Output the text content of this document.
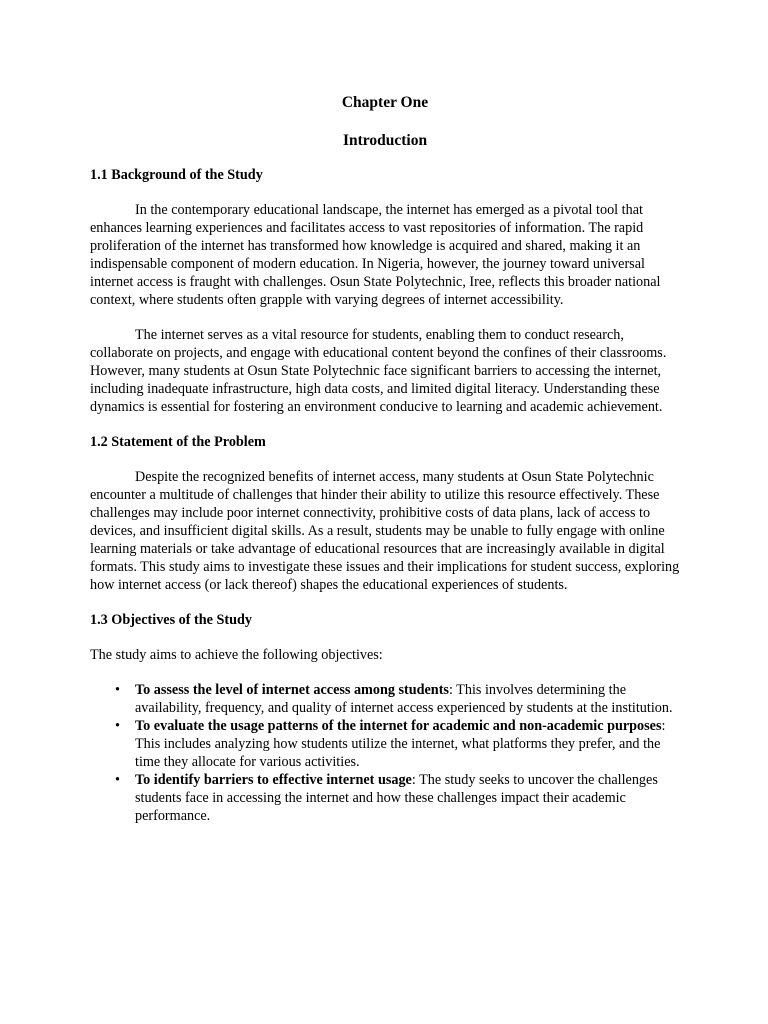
Chapter One
Introduction
1.1 Background of the Study

In the contemporary educational landscape, the internet has emerged as a pivotal tool that enhances learning experiences and facilitates access to vast repositories of information. The rapid proliferation of the internet has transformed how knowledge is acquired and shared, making it an indispensable component of modern education. In Nigeria, however, the journey toward universal internet access is fraught with challenges. Osun State Polytechnic, Iree, reflects this broader national context, where students often grapple with varying degrees of internet accessibility.

The internet serves as a vital resource for students, enabling them to conduct research, collaborate on projects, and engage with educational content beyond the confines of their classrooms. However, many students at Osun State Polytechnic face significant barriers to accessing the internet, including inadequate infrastructure, high data costs, and limited digital literacy. Understanding these dynamics is essential for fostering an environment conducive to learning and academic achievement.

1.2 Statement of the Problem

Despite the recognized benefits of internet access, many students at Osun State Polytechnic encounter a multitude of challenges that hinder their ability to utilize this resource effectively. These challenges may include poor internet connectivity, prohibitive costs of data plans, lack of access to devices, and insufficient digital skills. As a result, students may be unable to fully engage with online learning materials or take advantage of educational resources that are increasingly available in digital formats. This study aims to investigate these issues and their implications for student success, exploring how internet access (or lack thereof) shapes the educational experiences of students.

1.3 Objectives of the Study

The study aims to achieve the following objectives:

• To assess the level of internet access among students: This involves determining the availability, frequency, and quality of internet access experienced by students at the institution.
• To evaluate the usage patterns of the internet for academic and non-academic purposes: This includes analyzing how students utilize the internet, what platforms they prefer, and the time they allocate for various activities.
• To identify barriers to effective internet usage: The study seeks to uncover the challenges students face in accessing the internet and how these challenges impact their academic performance.
